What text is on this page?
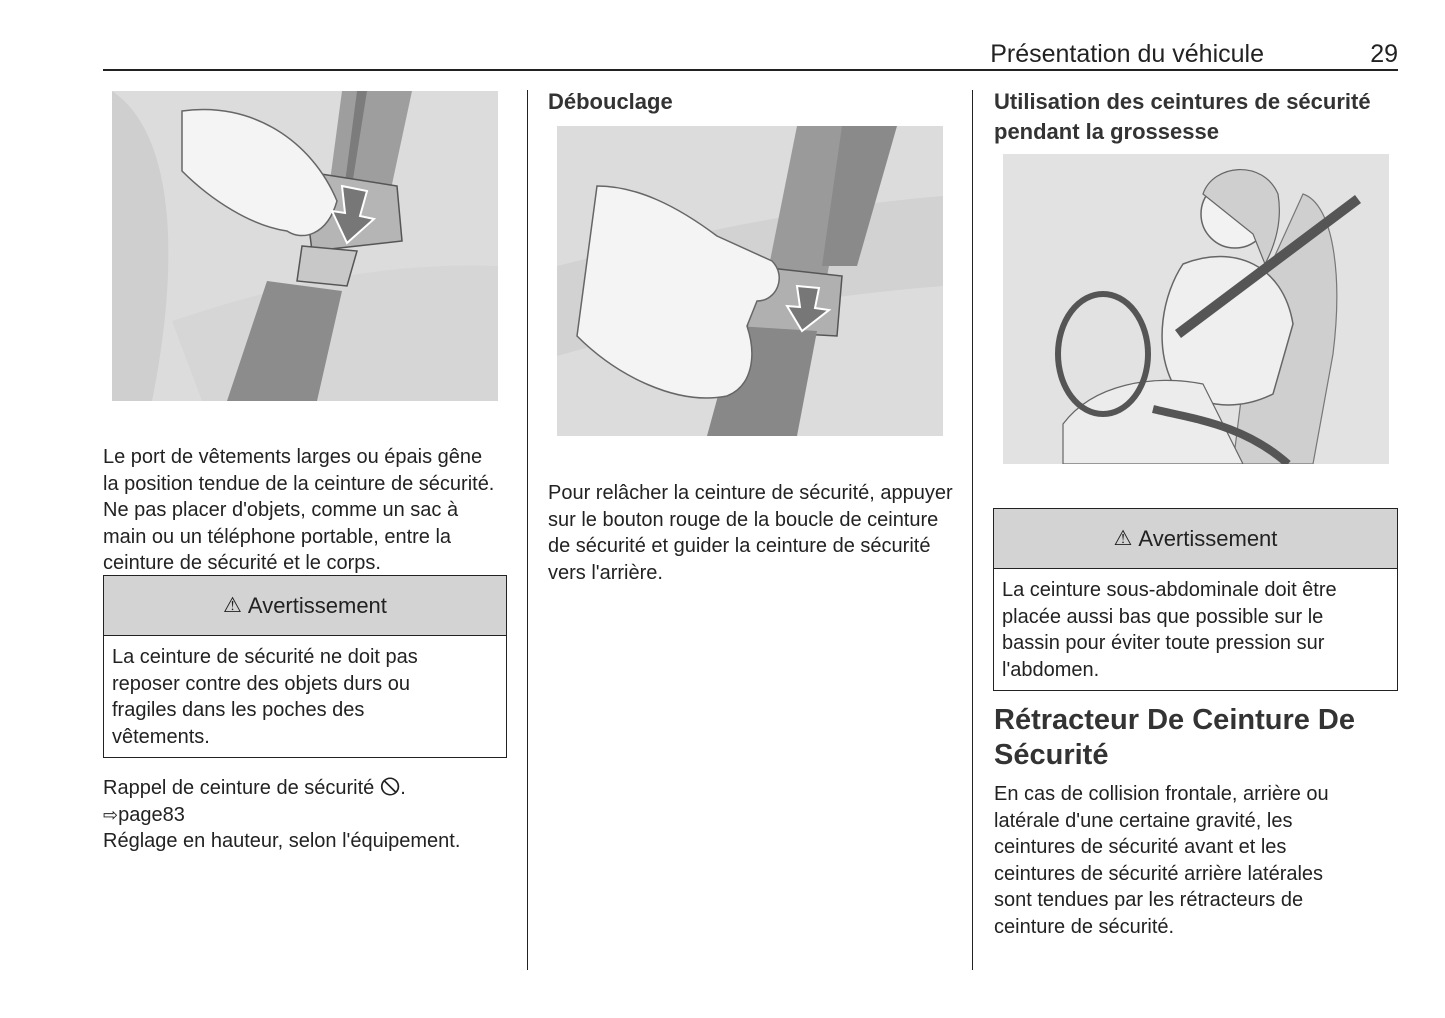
Présentation du véhicule	29

Le port de vêtements larges ou épais gêne la position tendue de la ceinture de sécurité. Ne pas placer d'objets, comme un sac à main ou un téléphone portable, entre la ceinture de sécurité et le corps.

⚠ Avertissement
La ceinture de sécurité ne doit pas reposer contre des objets durs ou fragiles dans les poches des vêtements.
Rappel de ceinture de sécurité 🛇.
⇨page83
Réglage en hauteur, selon l'équipement.
Débouclage

Pour relâcher la ceinture de sécurité, appuyer sur le bouton rouge de la boucle de ceinture de sécurité et guider la ceinture de sécurité vers l'arrière.

Utilisation des ceintures de sécurité pendant la grossesse
⚠ Avertissement
La ceinture sous-abdominale doit être placée aussi bas que possible sur le bassin pour éviter toute pression sur l'abdomen.
Rétracteur De Ceinture De Sécurité

En cas de collision frontale, arrière ou latérale d'une certaine gravité, les ceintures de sécurité avant et les ceintures de sécurité arrière latérales sont tendues par les rétracteurs de ceinture de sécurité.
